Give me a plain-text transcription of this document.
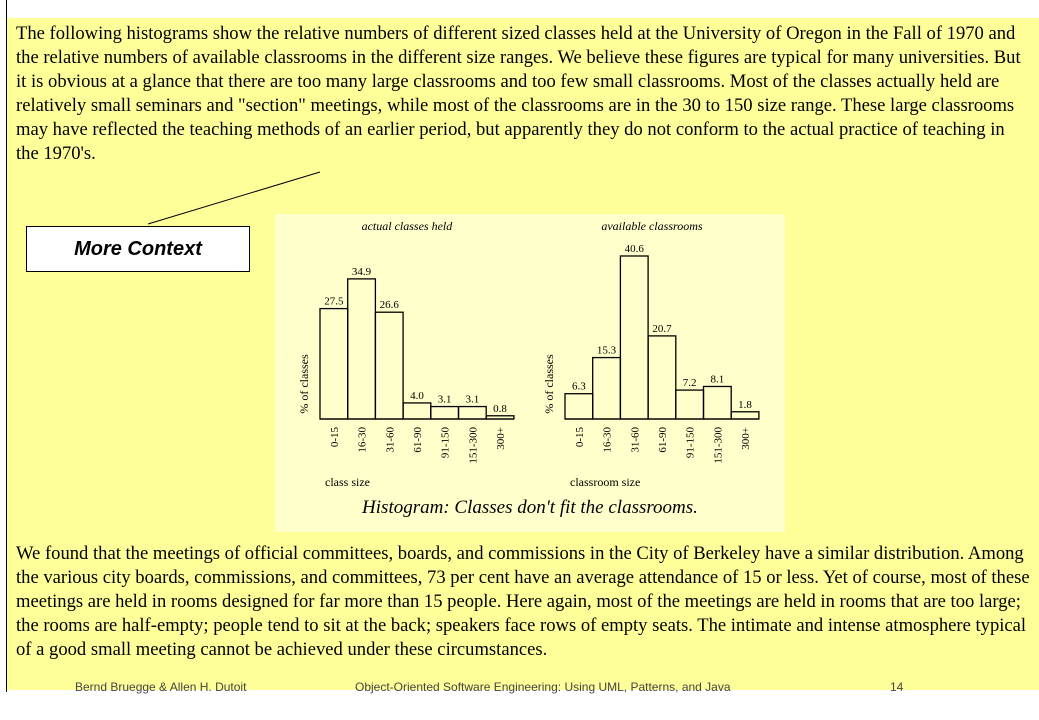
The following histograms show the relative numbers of different sized classes held at the University of Oregon in the Fall of 1970 and the relative numbers of available classrooms in the different size ranges. We believe these figures are typical for many universities. But it is obvious at a glance that there are too many large classrooms and too few small classrooms. Most of the classes actually held are relatively small seminars and "section" meetings, while most of the classrooms are in the 30 to 150 size range. These large classrooms may have reflected the teaching methods of an earlier period, but apparently they do not conform to the actual practice of teaching in the 1970's.

More Context
actual classes held
% of classes
27.5
0-15
34.9
16-30
26.6
31-60
4.0
61-90
3.1
91-150
3.1
151-300
0.8
300+
class size
available classrooms
% of classes 6.3
0-15
15.3
16-30
40.6
31-60
20.7
61-90
7.2
91-150
8.1
151-300
1.8
300+
classroom size
Histogram: Classes don't fit the classrooms.

We found that the meetings of official committees, boards, and commissions in the City of Berkeley have a similar distribution. Among the various city boards, commissions, and committees, 73 per cent have an average attendance of 15 or less. Yet of course, most of these meetings are held in rooms designed for far more than 15 people. Here again, most of the meetings are held in rooms that are too large; the rooms are half-empty; people tend to sit at the back; speakers face rows of empty seats. The intimate and intense atmosphere typical of a good small meeting cannot be achieved under these circumstances.

Bernd Bruegge & Allen H. Dutoit	Object-Oriented Software Engineering: Using UML, Patterns, and Java	14
